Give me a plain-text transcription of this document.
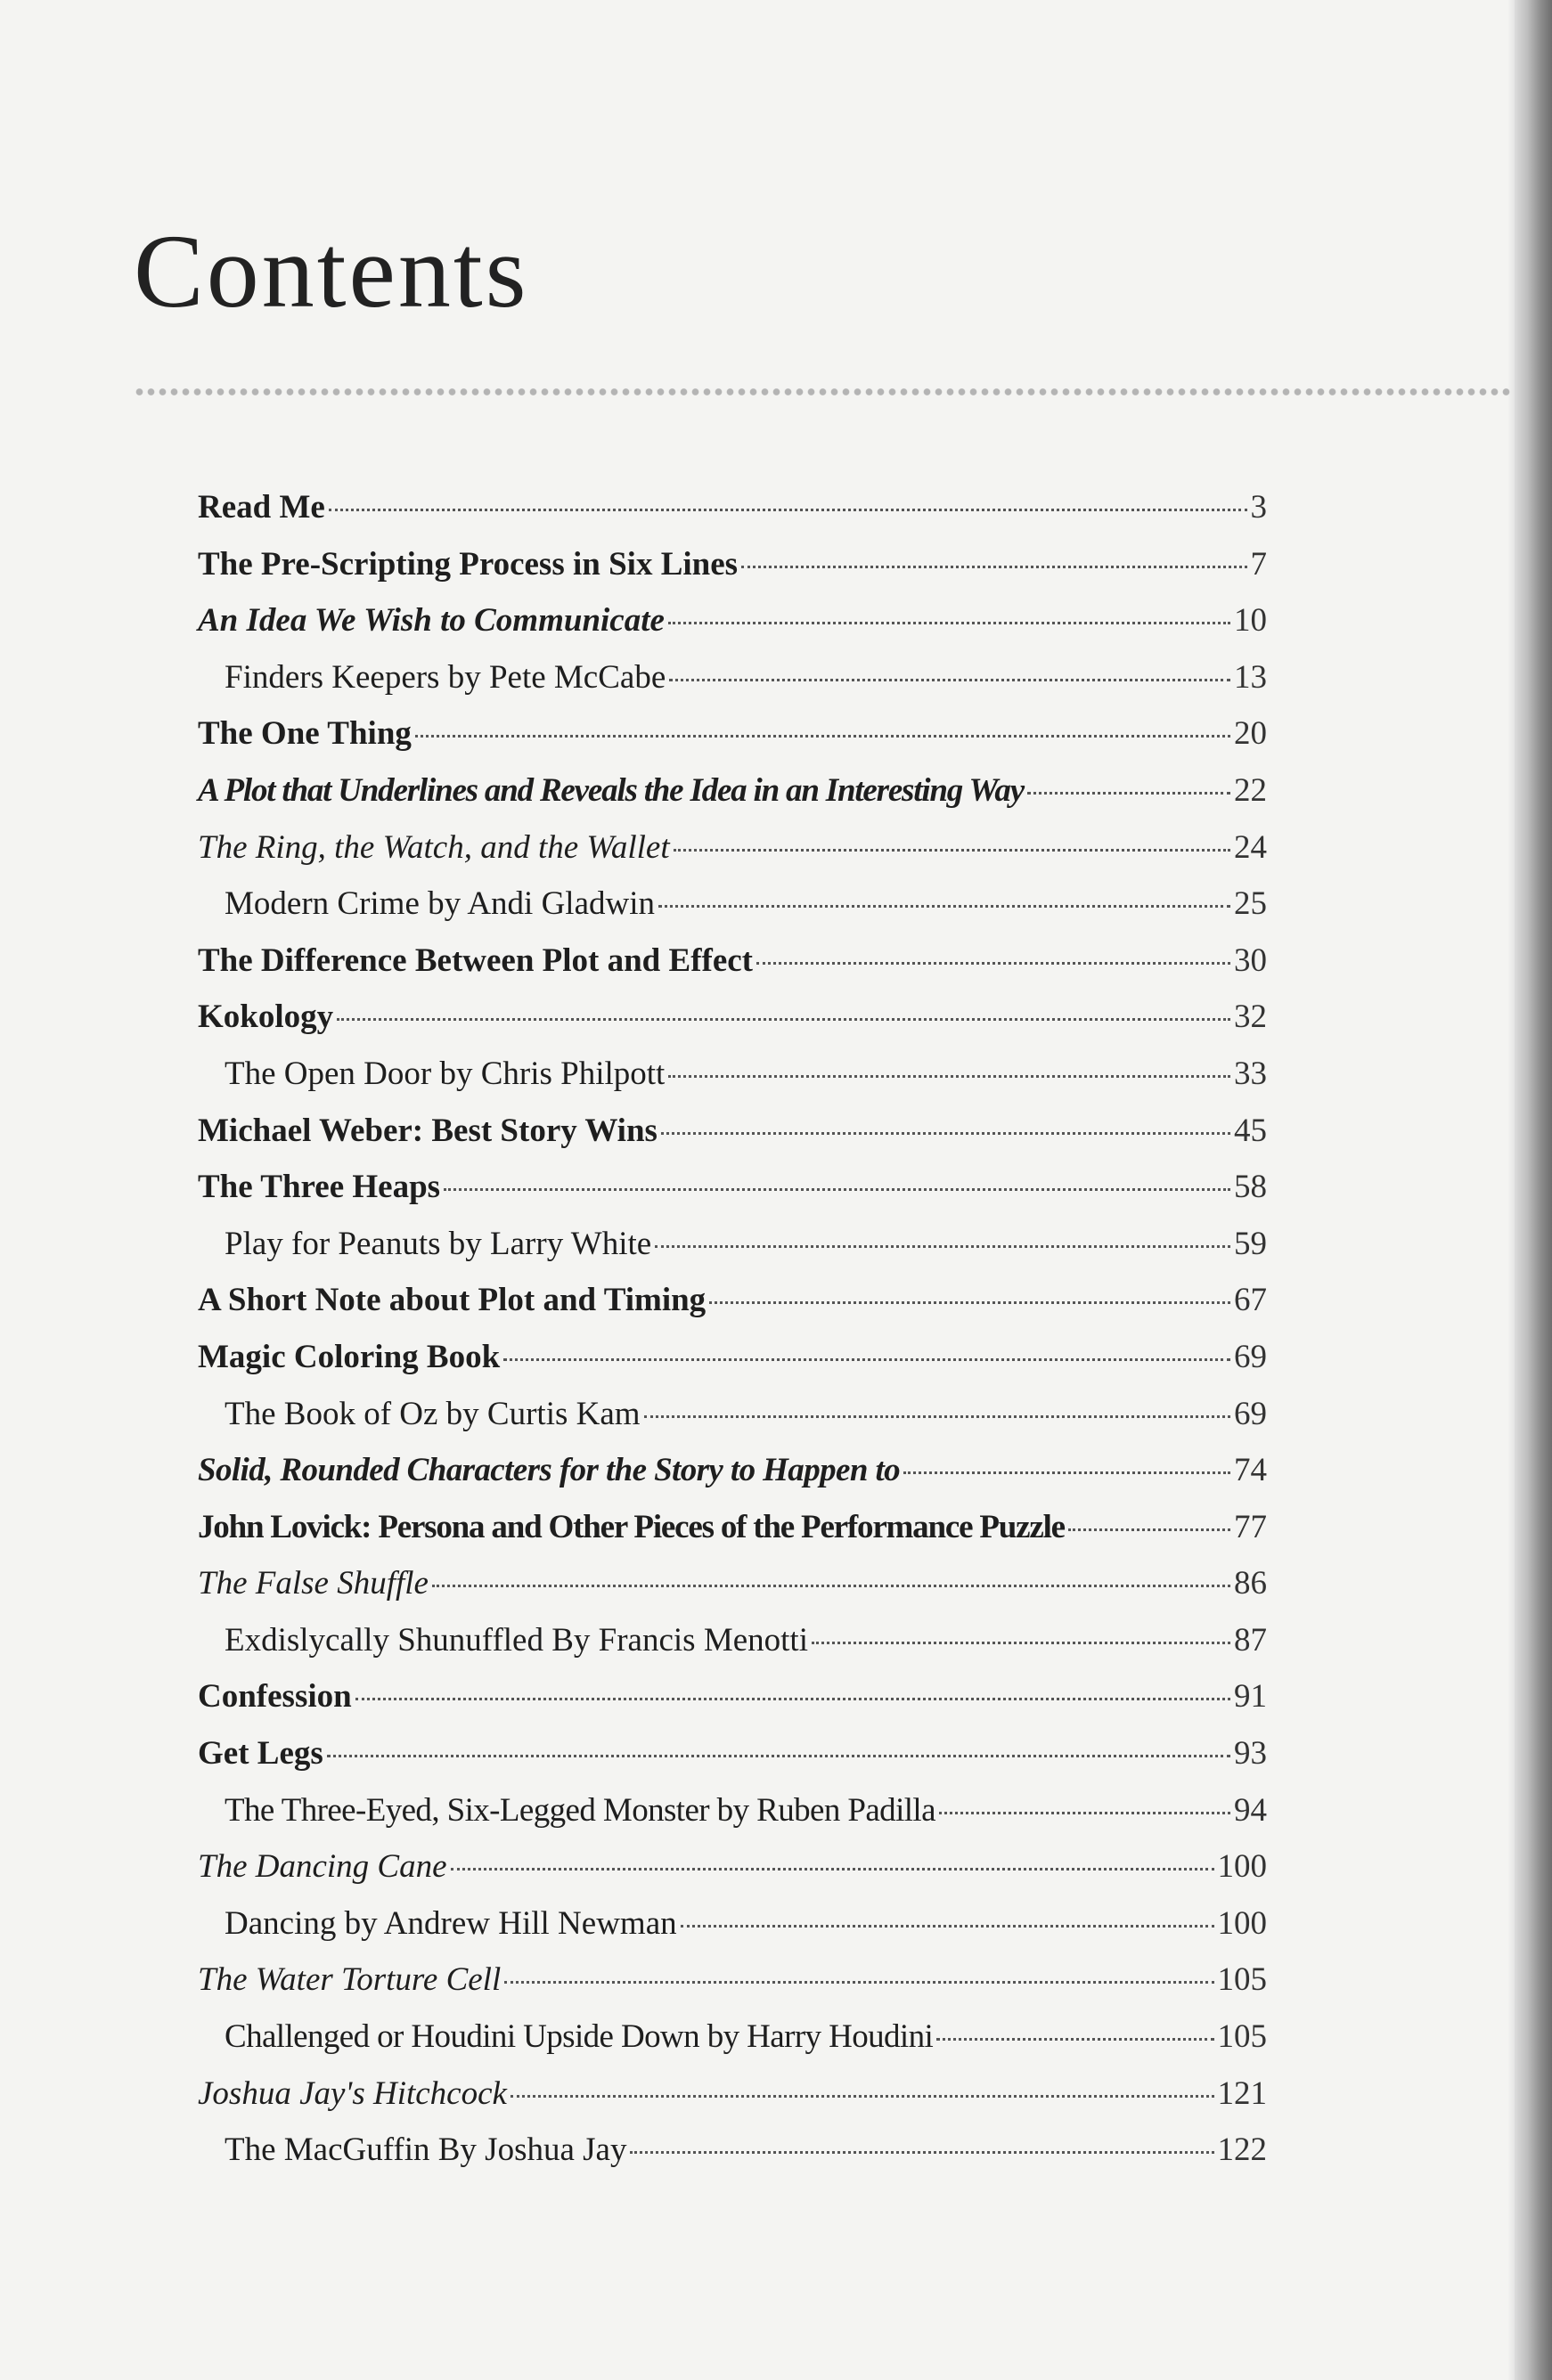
Contents
Read Me	3
The Pre-Scripting Process in Six Lines	7
An Idea We Wish to Communicate	10
Finders Keepers by Pete McCabe	13
The One Thing	20
A Plot that Underlines and Reveals the Idea in an Interesting Way	22
The Ring, the Watch, and the Wallet	24
Modern Crime by Andi Gladwin	25
The Difference Between Plot and Effect	30
Kokology	32
The Open Door by Chris Philpott	33
Michael Weber: Best Story Wins	45
The Three Heaps	58
Play for Peanuts by Larry White	59
A Short Note about Plot and Timing	67
Magic Coloring Book	69
The Book of Oz by Curtis Kam	69
Solid, Rounded Characters for the Story to Happen to	74
John Lovick: Persona and Other Pieces of the Performance Puzzle	77
The False Shuffle	86
Exdislycally Shunuffled By Francis Menotti	87
Confession	91
Get Legs	93
The Three-Eyed, Six-Legged Monster by Ruben Padilla	94
The Dancing Cane	100
Dancing by Andrew Hill Newman	100
The Water Torture Cell	105
Challenged or Houdini Upside Down by Harry Houdini	105
Joshua Jay's Hitchcock	121
The MacGuffin By Joshua Jay	122
